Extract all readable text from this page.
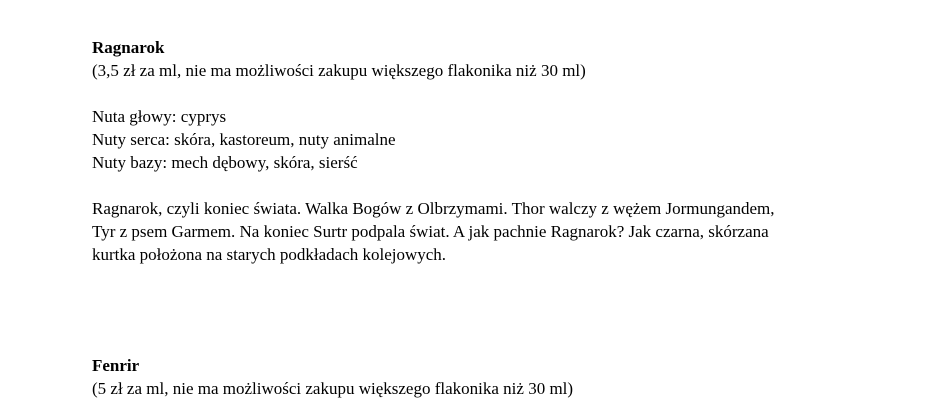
Ragnarok

(3,5 zł za ml, nie ma możliwości zakupu większego flakonika niż 30 ml)

Nuta głowy: cyprys

Nuty serca: skóra, kastoreum, nuty animalne

Nuty bazy: mech dębowy, skóra, sierść

Ragnarok, czyli koniec świata. Walka Bogów z Olbrzymami. Thor walczy z wężem Jormungandem,

Tyr z psem Garmem. Na koniec Surtr podpala świat. A jak pachnie Ragnarok? Jak czarna, skórzana

kurtka położona na starych podkładach kolejowych.

Fenrir

(5 zł za ml, nie ma możliwości zakupu większego flakonika niż 30 ml)
